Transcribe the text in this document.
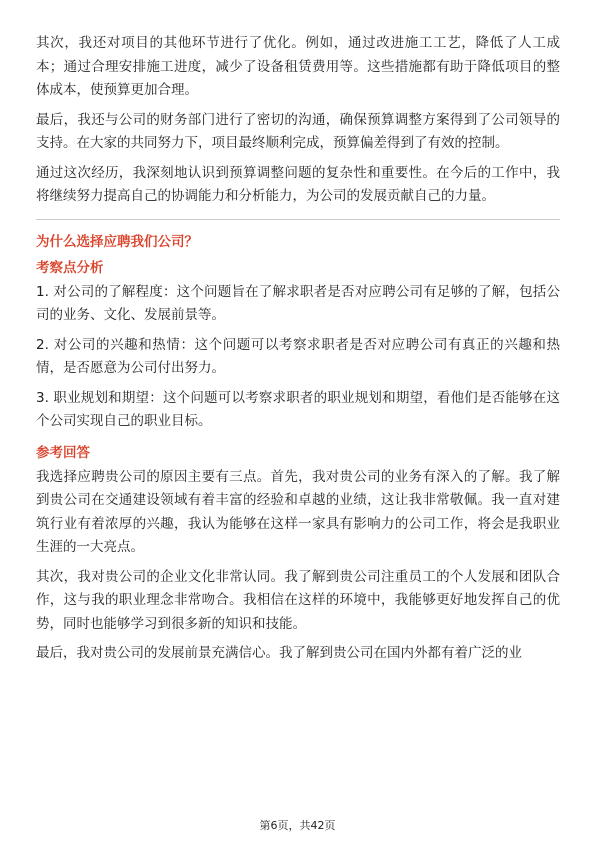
其次，我还对项目的其他环节进行了优化。例如，通过改进施工工艺，降低了人工成本；通过合理安排施工进度，减少了设备租赁费用等。这些措施都有助于降低项目的整体成本，使预算更加合理。

最后，我还与公司的财务部门进行了密切的沟通，确保预算调整方案得到了公司领导的支持。在大家的共同努力下，项目最终顺利完成，预算偏差得到了有效的控制。

通过这次经历，我深刻地认识到预算调整问题的复杂性和重要性。在今后的工作中，我将继续努力提高自己的协调能力和分析能力，为公司的发展贡献自己的力量。

为什么选择应聘我们公司？
考察点分析

1. 对公司的了解程度：这个问题旨在了解求职者是否对应聘公司有足够的了解，包括公司的业务、文化、发展前景等。

2. 对公司的兴趣和热情：这个问题可以考察求职者是否对应聘公司有真正的兴趣和热情，是否愿意为公司付出努力。

3. 职业规划和期望：这个问题可以考察求职者的职业规划和期望，看他们是否能够在这个公司实现自己的职业目标。

参考回答

我选择应聘贵公司的原因主要有三点。首先，我对贵公司的业务有深入的了解。我了解到贵公司在交通建设领域有着丰富的经验和卓越的业绩，这让我非常敬佩。我一直对建筑行业有着浓厚的兴趣，我认为能够在这样一家具有影响力的公司工作，将会是我职业生涯的一大亮点。

其次，我对贵公司的企业文化非常认同。我了解到贵公司注重员工的个人发展和团队合作，这与我的职业理念非常吻合。我相信在这样的环境中，我能够更好地发挥自己的优势，同时也能够学习到很多新的知识和技能。

最后，我对贵公司的发展前景充满信心。我了解到贵公司在国内外都有着广泛的业

第6页，共42页
